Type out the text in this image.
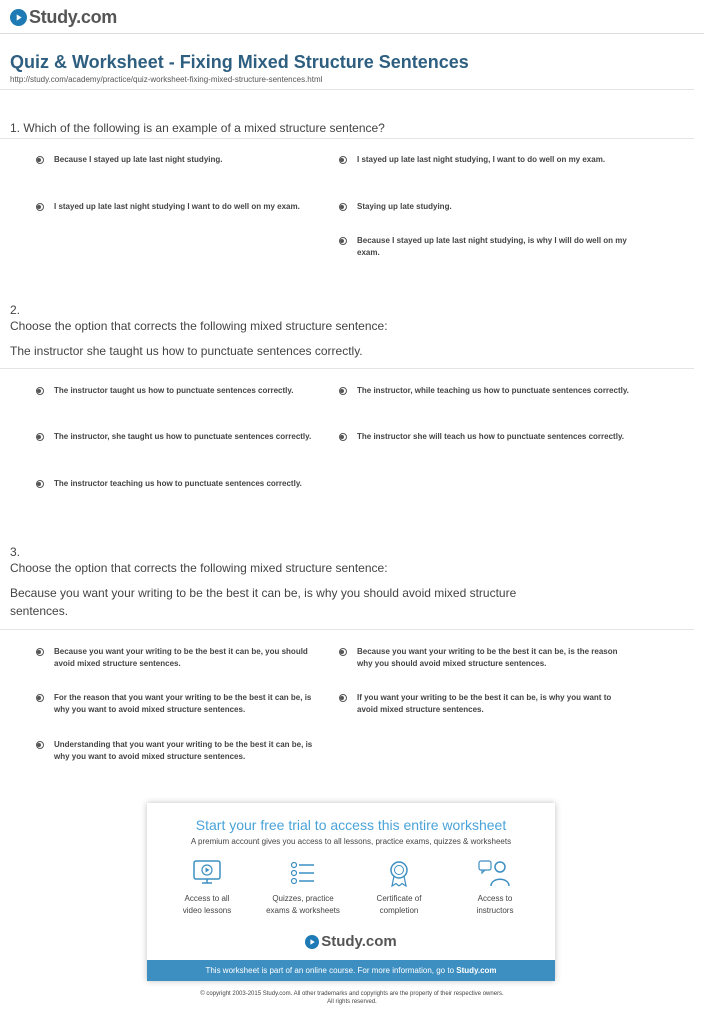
Study.com
Quiz & Worksheet - Fixing Mixed Structure Sentences
http://study.com/academy/practice/quiz-worksheet-fixing-mixed-structure-sentences.html
1. Which of the following is an example of a mixed structure sentence?
Because I stayed up late last night studying.	I stayed up late last night studying, I want to do well on my exam.
I stayed up late last night studying I want to do well on my exam.	Staying up late studying.
Because I stayed up late last night studying, is why I will do well on my exam.
2.
Choose the option that corrects the following mixed structure sentence:
The instructor she taught us how to punctuate sentences correctly.
The instructor taught us how to punctuate sentences correctly.	The instructor, while teaching us how to punctuate sentences correctly.
The instructor, she taught us how to punctuate sentences correctly.	The instructor she will teach us how to punctuate sentences correctly.
The instructor teaching us how to punctuate sentences correctly.
3.
Choose the option that corrects the following mixed structure sentence:
Because you want your writing to be the best it can be, is why you should avoid mixed structure
sentences.
Because you want your writing to be the best it can be, you should avoid mixed structure sentences.
Because you want your writing to be the best it can be, is the reason why you should avoid mixed structure sentences.
For the reason that you want your writing to be the best it can be, is why you want to avoid mixed structure sentences.
If you want your writing to be the best it can be, is why you want to avoid mixed structure sentences.
Understanding that you want your writing to be the best it can be, is why you want to avoid mixed structure sentences.
Start your free trial to access this entire worksheet
A premium account gives you access to all lessons, practice exams, quizzes & worksheets
Access to all
video lessons
Quizzes, practice
exams & worksheets
Certificate of
completion
Access to
instructors
Study.com
This worksheet is part of an online course. For more information, go to Study.com
© copyright 2003-2015 Study.com. All other trademarks and copyrights are the property of their respective owners.
All rights reserved.
